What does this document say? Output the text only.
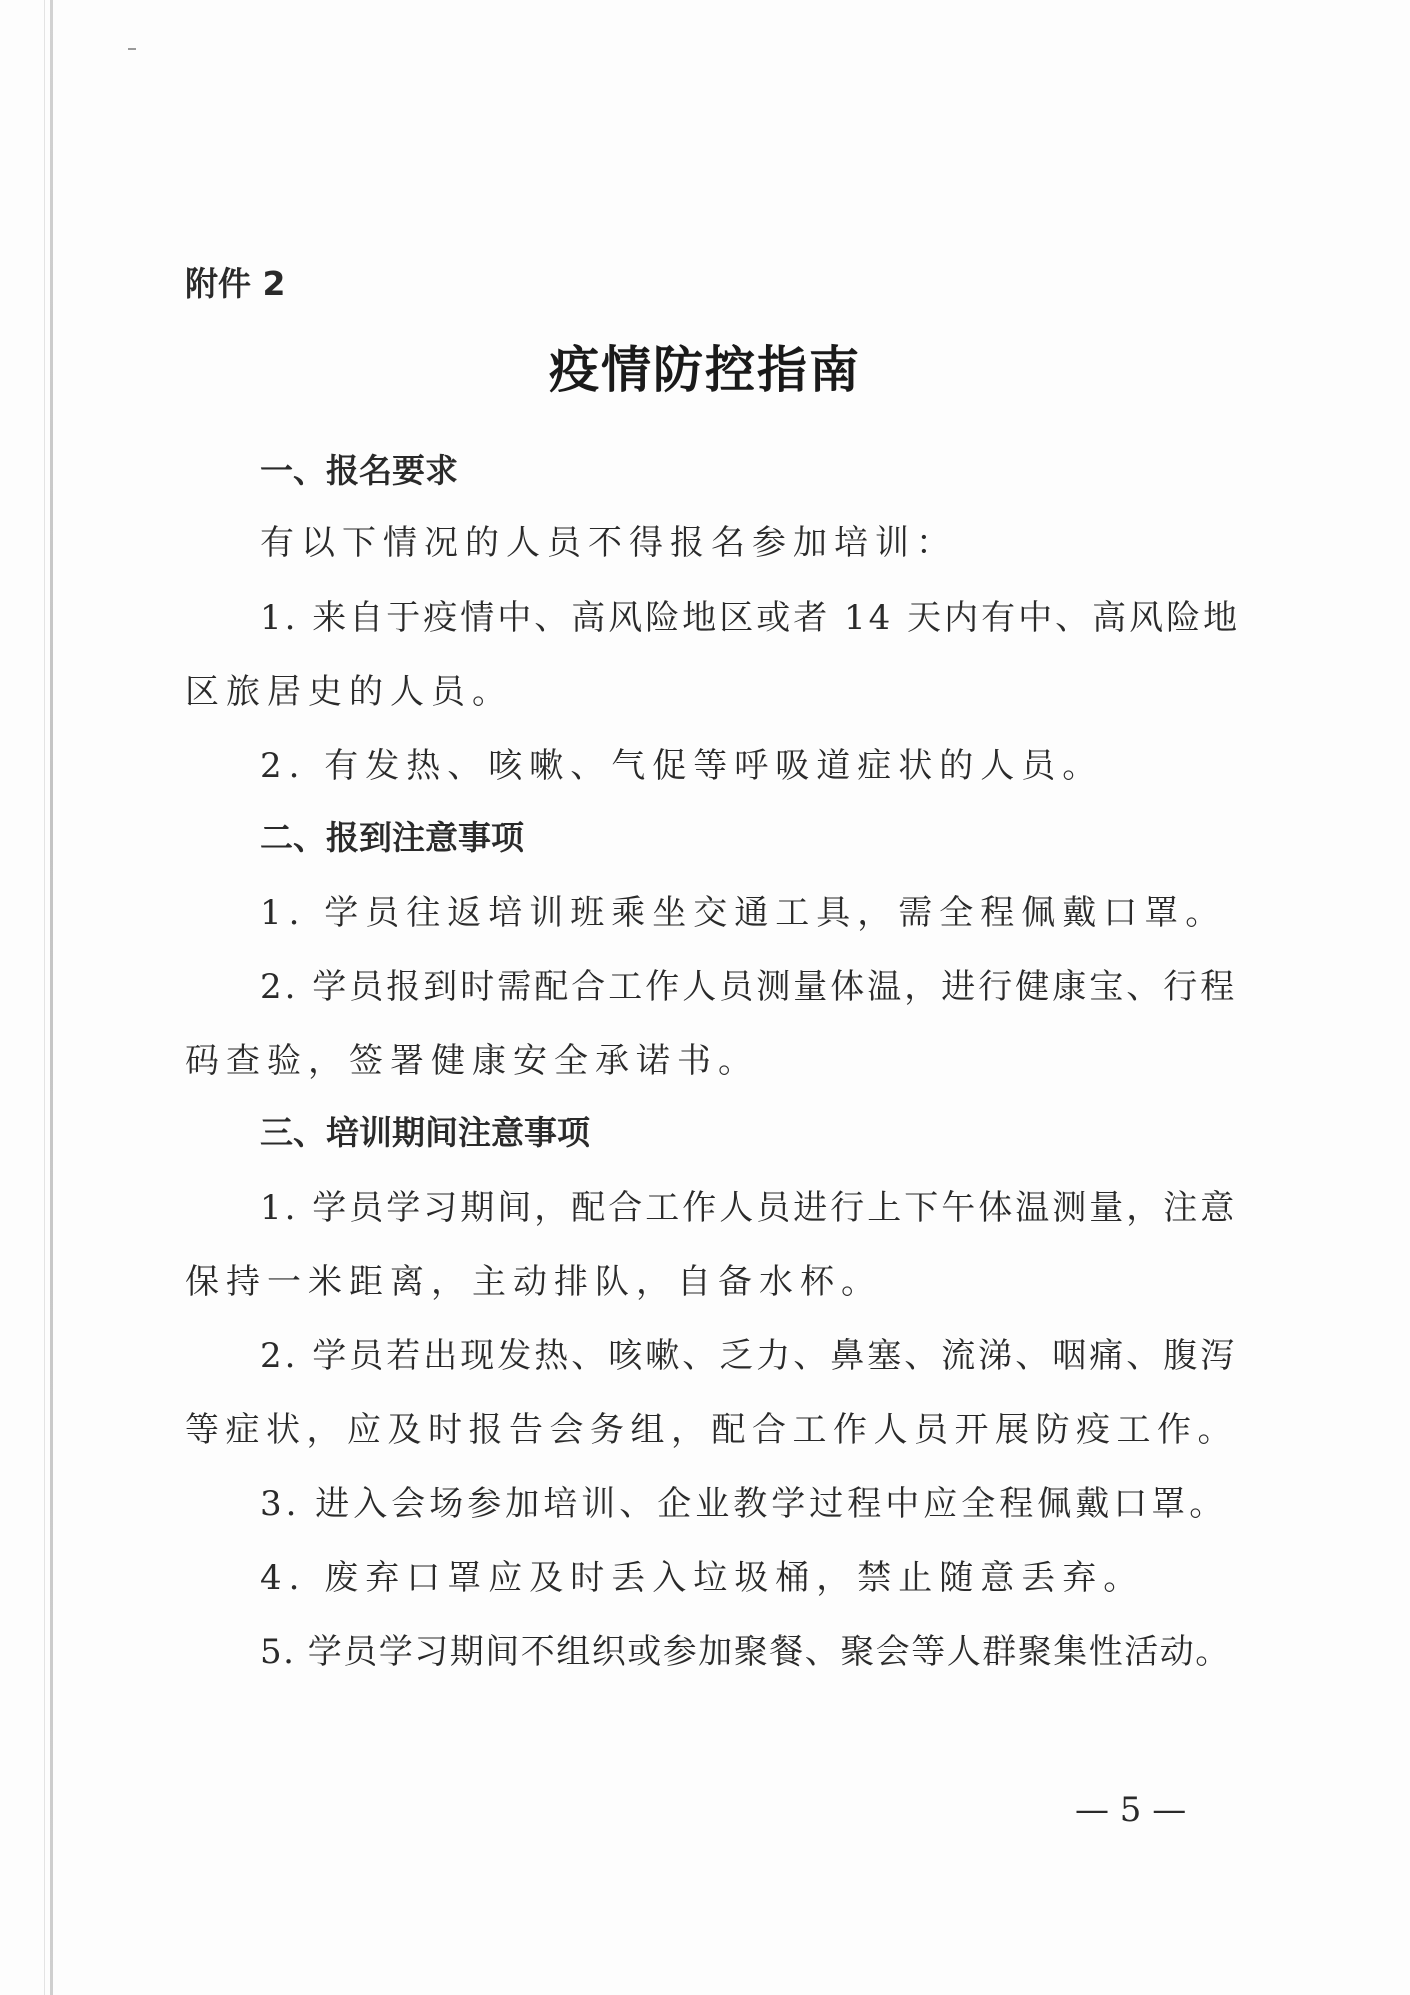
附件 2
疫情防控指南
一、报名要求
有以下情况的人员不得报名参加培训：
1. 来自于疫情中、高风险地区或者 14 天内有中、高风险地
区旅居史的人员。
2. 有发热、咳嗽、气促等呼吸道症状的人员。
二、报到注意事项
1. 学员往返培训班乘坐交通工具，需全程佩戴口罩。
2. 学员报到时需配合工作人员测量体温，进行健康宝、行程
码查验，签署健康安全承诺书。
三、培训期间注意事项
1. 学员学习期间，配合工作人员进行上下午体温测量，注意
保持一米距离，主动排队，自备水杯。
2. 学员若出现发热、咳嗽、乏力、鼻塞、流涕、咽痛、腹泻
等症状，应及时报告会务组，配合工作人员开展防疫工作。
3. 进入会场参加培训、企业教学过程中应全程佩戴口罩。
4. 废弃口罩应及时丢入垃圾桶，禁止随意丢弃。
5. 学员学习期间不组织或参加聚餐、聚会等人群聚集性活动。
— 5 —
